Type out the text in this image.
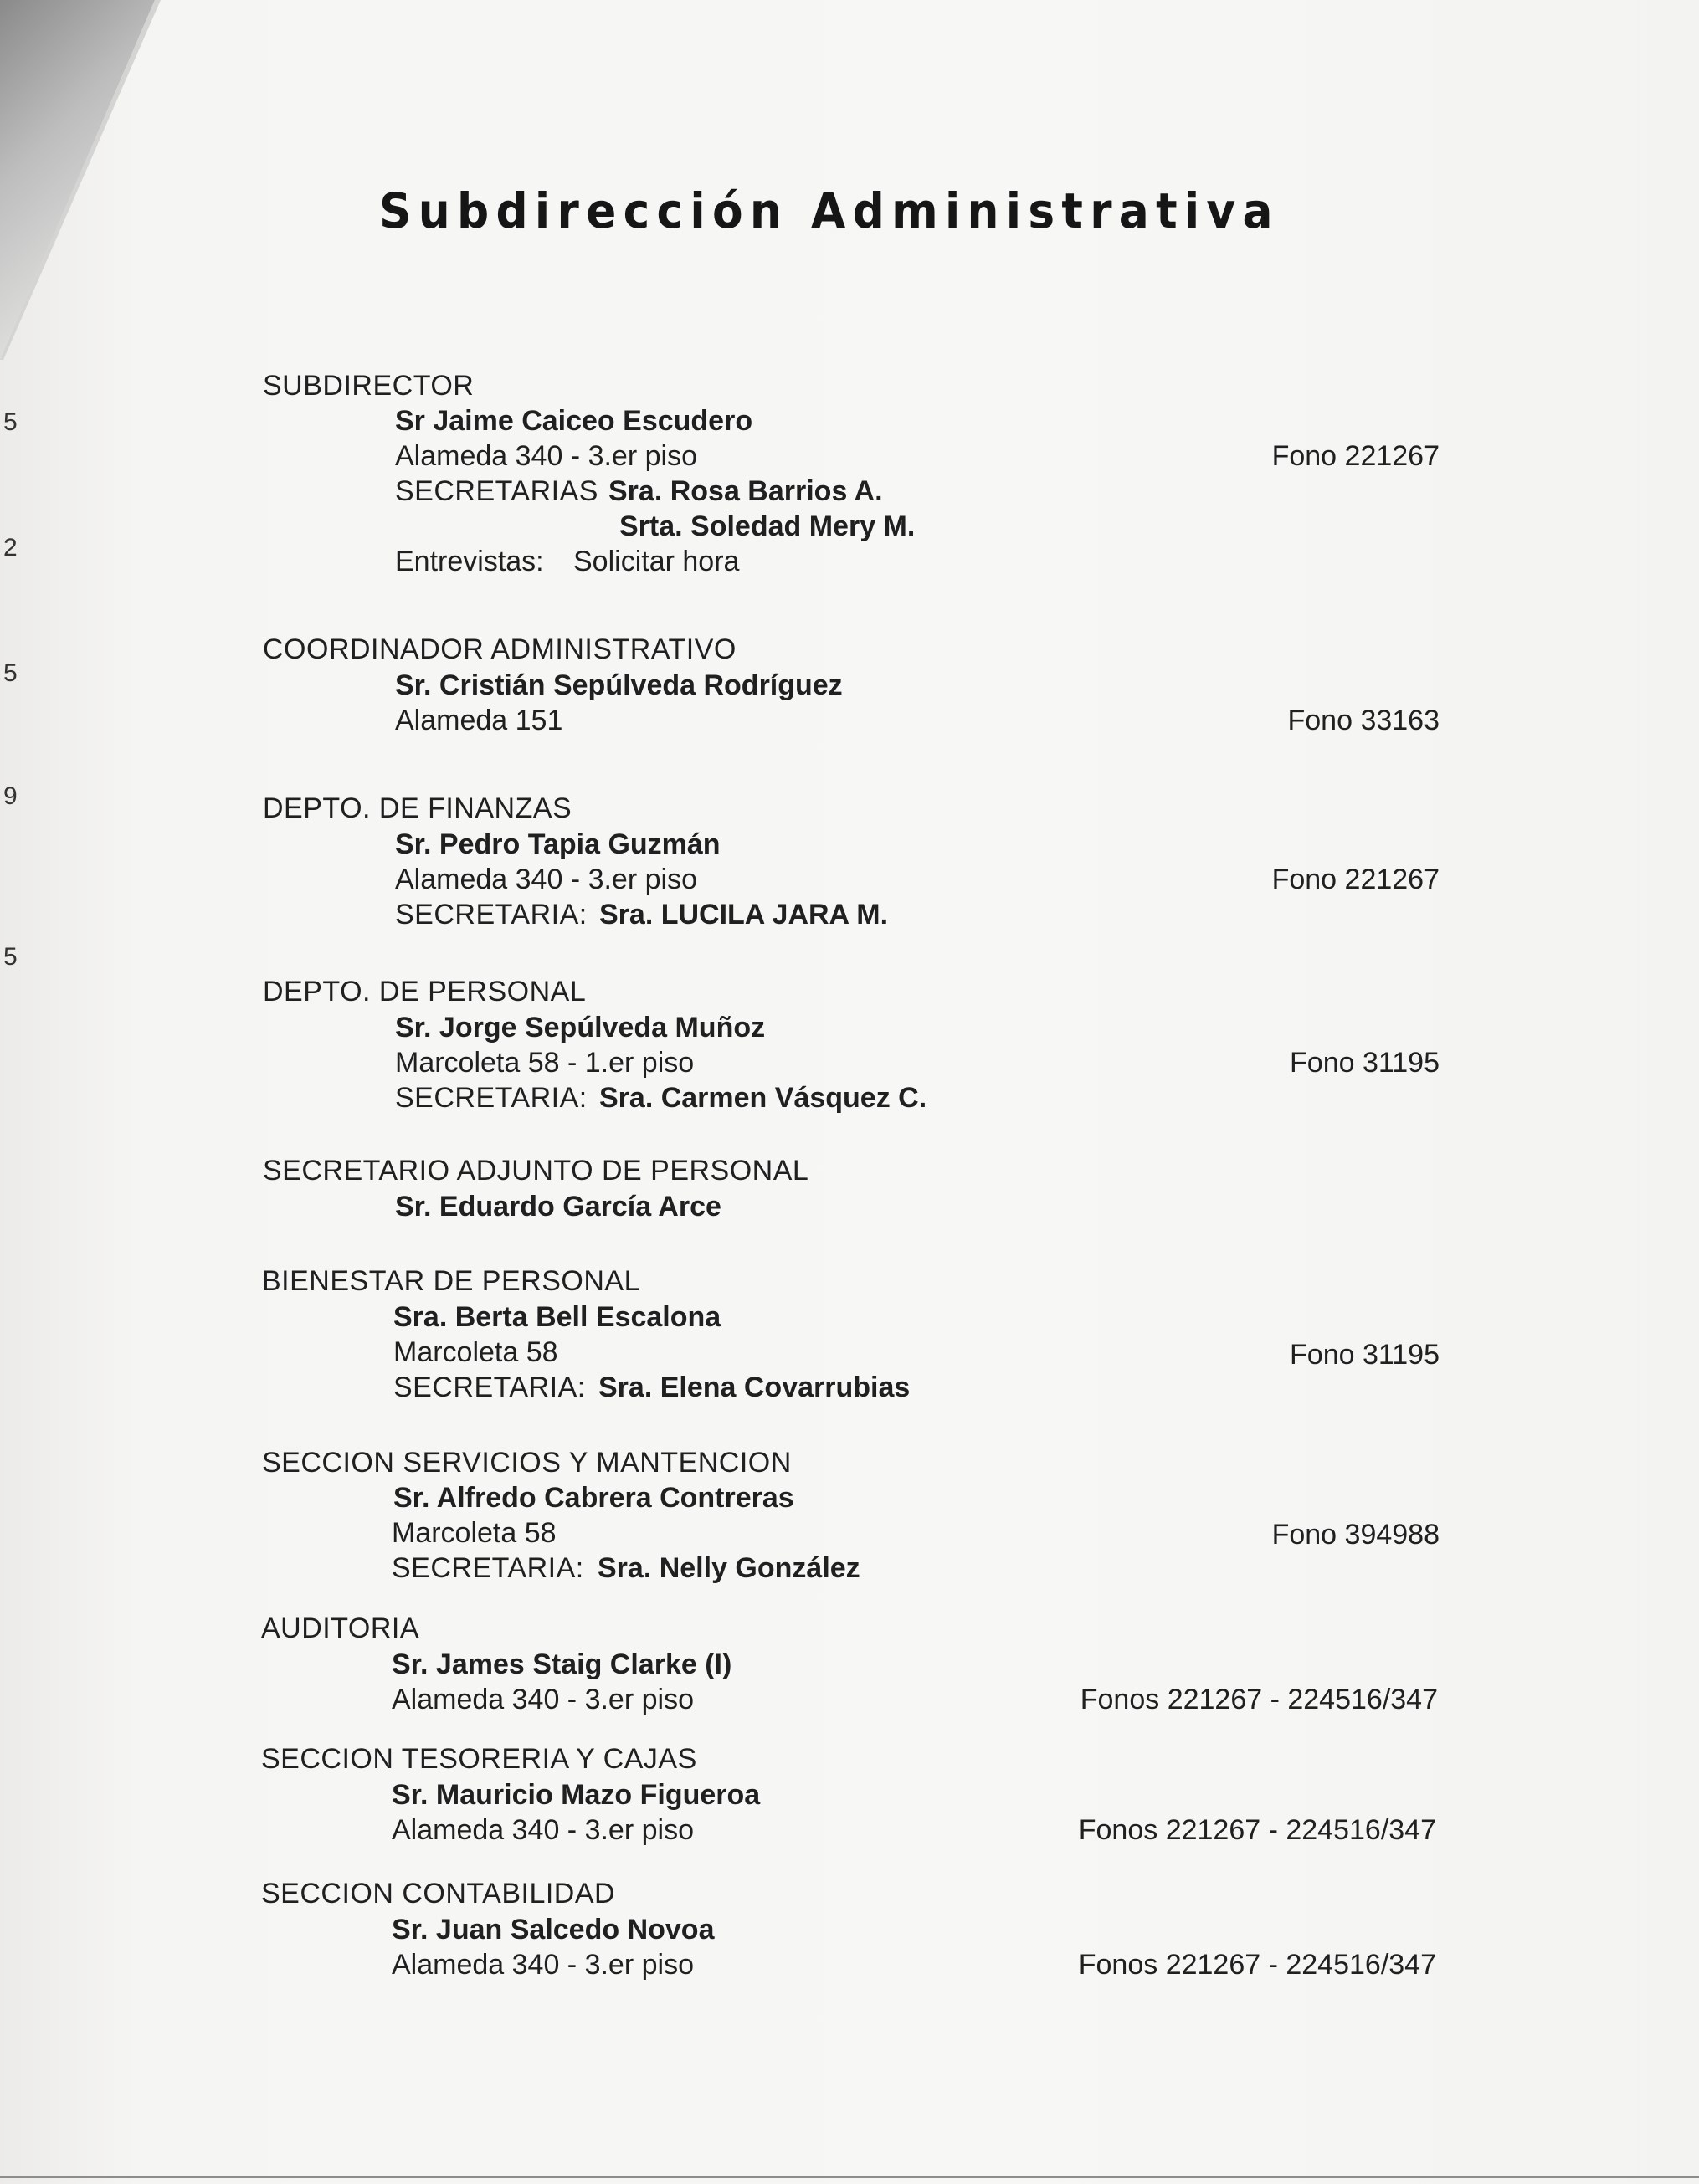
5
2
5
9
5
Subdirección Administrativa
SUBDIRECTOR
Sr Jaime Caiceo Escudero
Alameda 340 - 3.er piso	Fono 221267
SECRETARIAS Sra. Rosa Barrios A.
Srta. Soledad Mery M.
Entrevistas: Solicitar hora
COORDINADOR ADMINISTRATIVO
Sr. Cristián Sepúlveda Rodríguez
Alameda 151	Fono 33163
DEPTO. DE FINANZAS
Sr. Pedro Tapia Guzmán
Alameda 340 - 3.er piso	Fono 221267
SECRETARIA: Sra. LUCILA JARA M.
DEPTO. DE PERSONAL
Sr. Jorge Sepúlveda Muñoz
Marcoleta 58 - 1.er piso	Fono 31195
SECRETARIA: Sra. Carmen Vásquez C.
SECRETARIO ADJUNTO DE PERSONAL
Sr. Eduardo García Arce
BIENESTAR DE PERSONAL
Sra. Berta Bell Escalona
Marcoleta 58	Fono 31195
SECRETARIA: Sra. Elena Covarrubias
SECCION SERVICIOS Y MANTENCION
Sr. Alfredo Cabrera Contreras
Marcoleta 58	Fono 394988
SECRETARIA: Sra. Nelly González
AUDITORIA
Sr. James Staig Clarke (I)
Alameda 340 - 3.er piso	Fonos 221267 - 224516/347
SECCION TESORERIA Y CAJAS
Sr. Mauricio Mazo Figueroa
Alameda 340 - 3.er piso	Fonos 221267 - 224516/347
SECCION CONTABILIDAD
Sr. Juan Salcedo Novoa
Alameda 340 - 3.er piso	Fonos 221267 - 224516/347
